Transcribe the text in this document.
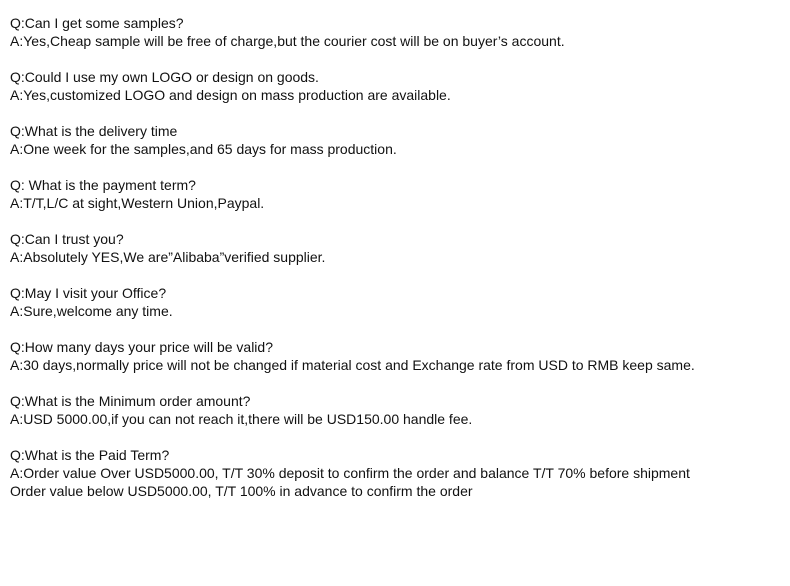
Q:Can I get some samples?
A:Yes,Cheap sample will be free of charge,but the courier cost will be on buyer’s account.
Q:Could I use my own LOGO or design on goods.
A:Yes,customized LOGO and design on mass production are available.
Q:What is the delivery time
A:One week for the samples,and 65 days for mass production.
Q: What is the payment term?
A:T/T,L/C at sight,Western Union,Paypal.
Q:Can I trust you?
A:Absolutely YES,We are”Alibaba”verified supplier.
Q:May I visit your Office?
A:Sure,welcome any time.
Q:How many days your price will be valid?
A:30 days,normally price will not be changed if material cost and Exchange rate from USD to RMB keep same.
Q:What is the Minimum order amount?
A:USD 5000.00,if you can not reach it,there will be USD150.00 handle fee.
Q:What is the Paid Term?
A:Order value Over USD5000.00, T/T 30% deposit to confirm the order and balance T/T 70% before shipment
Order value below USD5000.00, T/T 100% in advance to confirm the order
